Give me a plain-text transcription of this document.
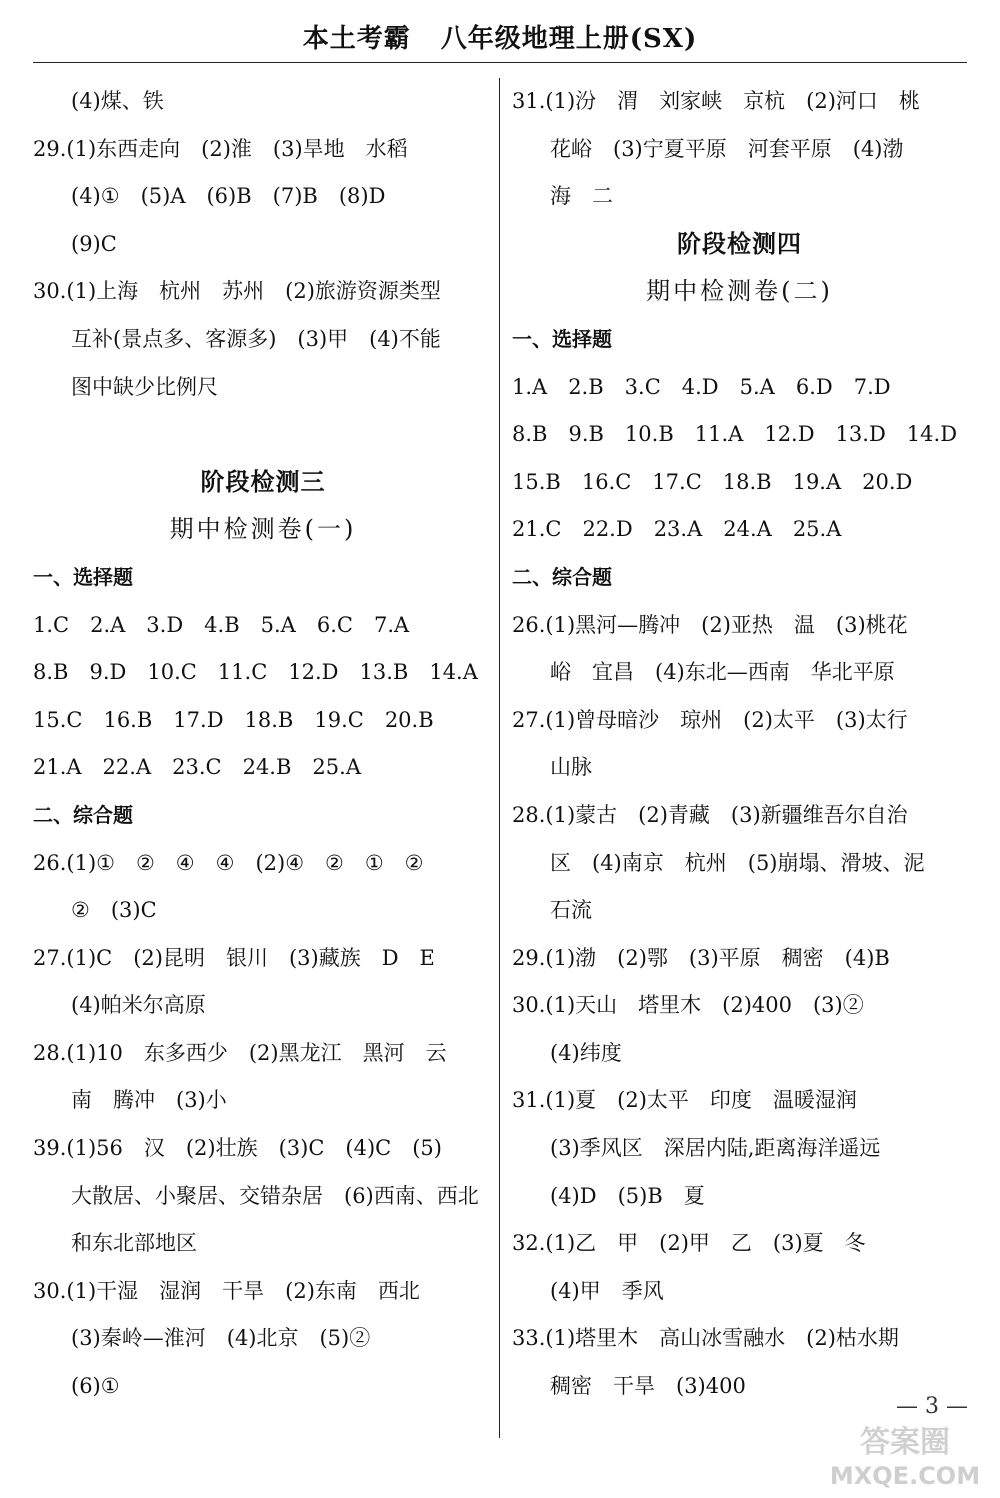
本土考霸 八年级地理上册(SX)
(4)煤、铁
29.(1)东西走向　(2)淮　(3)旱地　水稻
(4)①　(5)A　(6)B　(7)B　(8)D
(9)C
30.(1)上海　杭州　苏州　(2)旅游资源类型
互补(景点多、客源多)　(3)甲　(4)不能
图中缺少比例尺
阶段检测三
期中检测卷(一)
一、选择题
1.C　2.A　3.D　4.B　5.A　6.C　7.A
8.B　9.D　10.C　11.C　12.D　13.B　14.A
15.C　16.B　17.D　18.B　19.C　20.B
21.A　22.A　23.C　24.B　25.A
二、综合题
26.(1)①　②　④　④　(2)④　②　①　②
②　(3)C
27.(1)C　(2)昆明　银川　(3)藏族　D　E
(4)帕米尔高原
28.(1)10　东多西少　(2)黑龙江　黑河　云
南　腾冲　(3)小
39.(1)56　汉　(2)壮族　(3)C　(4)C　(5)
大散居、小聚居、交错杂居　(6)西南、西北
和东北部地区
30.(1)干湿　湿润　干旱　(2)东南　西北
(3)秦岭—淮河　(4)北京　(5)②
(6)①
31.(1)汾　渭　刘家峡　京杭　(2)河口　桃
花峪　(3)宁夏平原　河套平原　(4)渤
海　二
阶段检测四
期中检测卷(二)
一、选择题
1.A　2.B　3.C　4.D　5.A　6.D　7.D
8.B　9.B　10.B　11.A　12.D　13.D　14.D
15.B　16.C　17.C　18.B　19.A　20.D
21.C　22.D　23.A　24.A　25.A
二、综合题
26.(1)黑河—腾冲　(2)亚热　温　(3)桃花
峪　宜昌　(4)东北—西南　华北平原
27.(1)曾母暗沙　琼州　(2)太平　(3)太行
山脉
28.(1)蒙古　(2)青藏　(3)新疆维吾尔自治
区　(4)南京　杭州　(5)崩塌、滑坡、泥
石流
29.(1)渤　(2)鄂　(3)平原　稠密　(4)B
30.(1)天山　塔里木　(2)400　(3)②
(4)纬度
31.(1)夏　(2)太平　印度　温暖湿润
(3)季风区　深居内陆,距离海洋遥远
(4)D　(5)B　夏
32.(1)乙　甲　(2)甲　乙　(3)夏　冬
(4)甲　季风
33.(1)塔里木　高山冰雪融水　(2)枯水期
稠密　干旱　(3)400
— 3 —
答案圈
MXQE.COM
